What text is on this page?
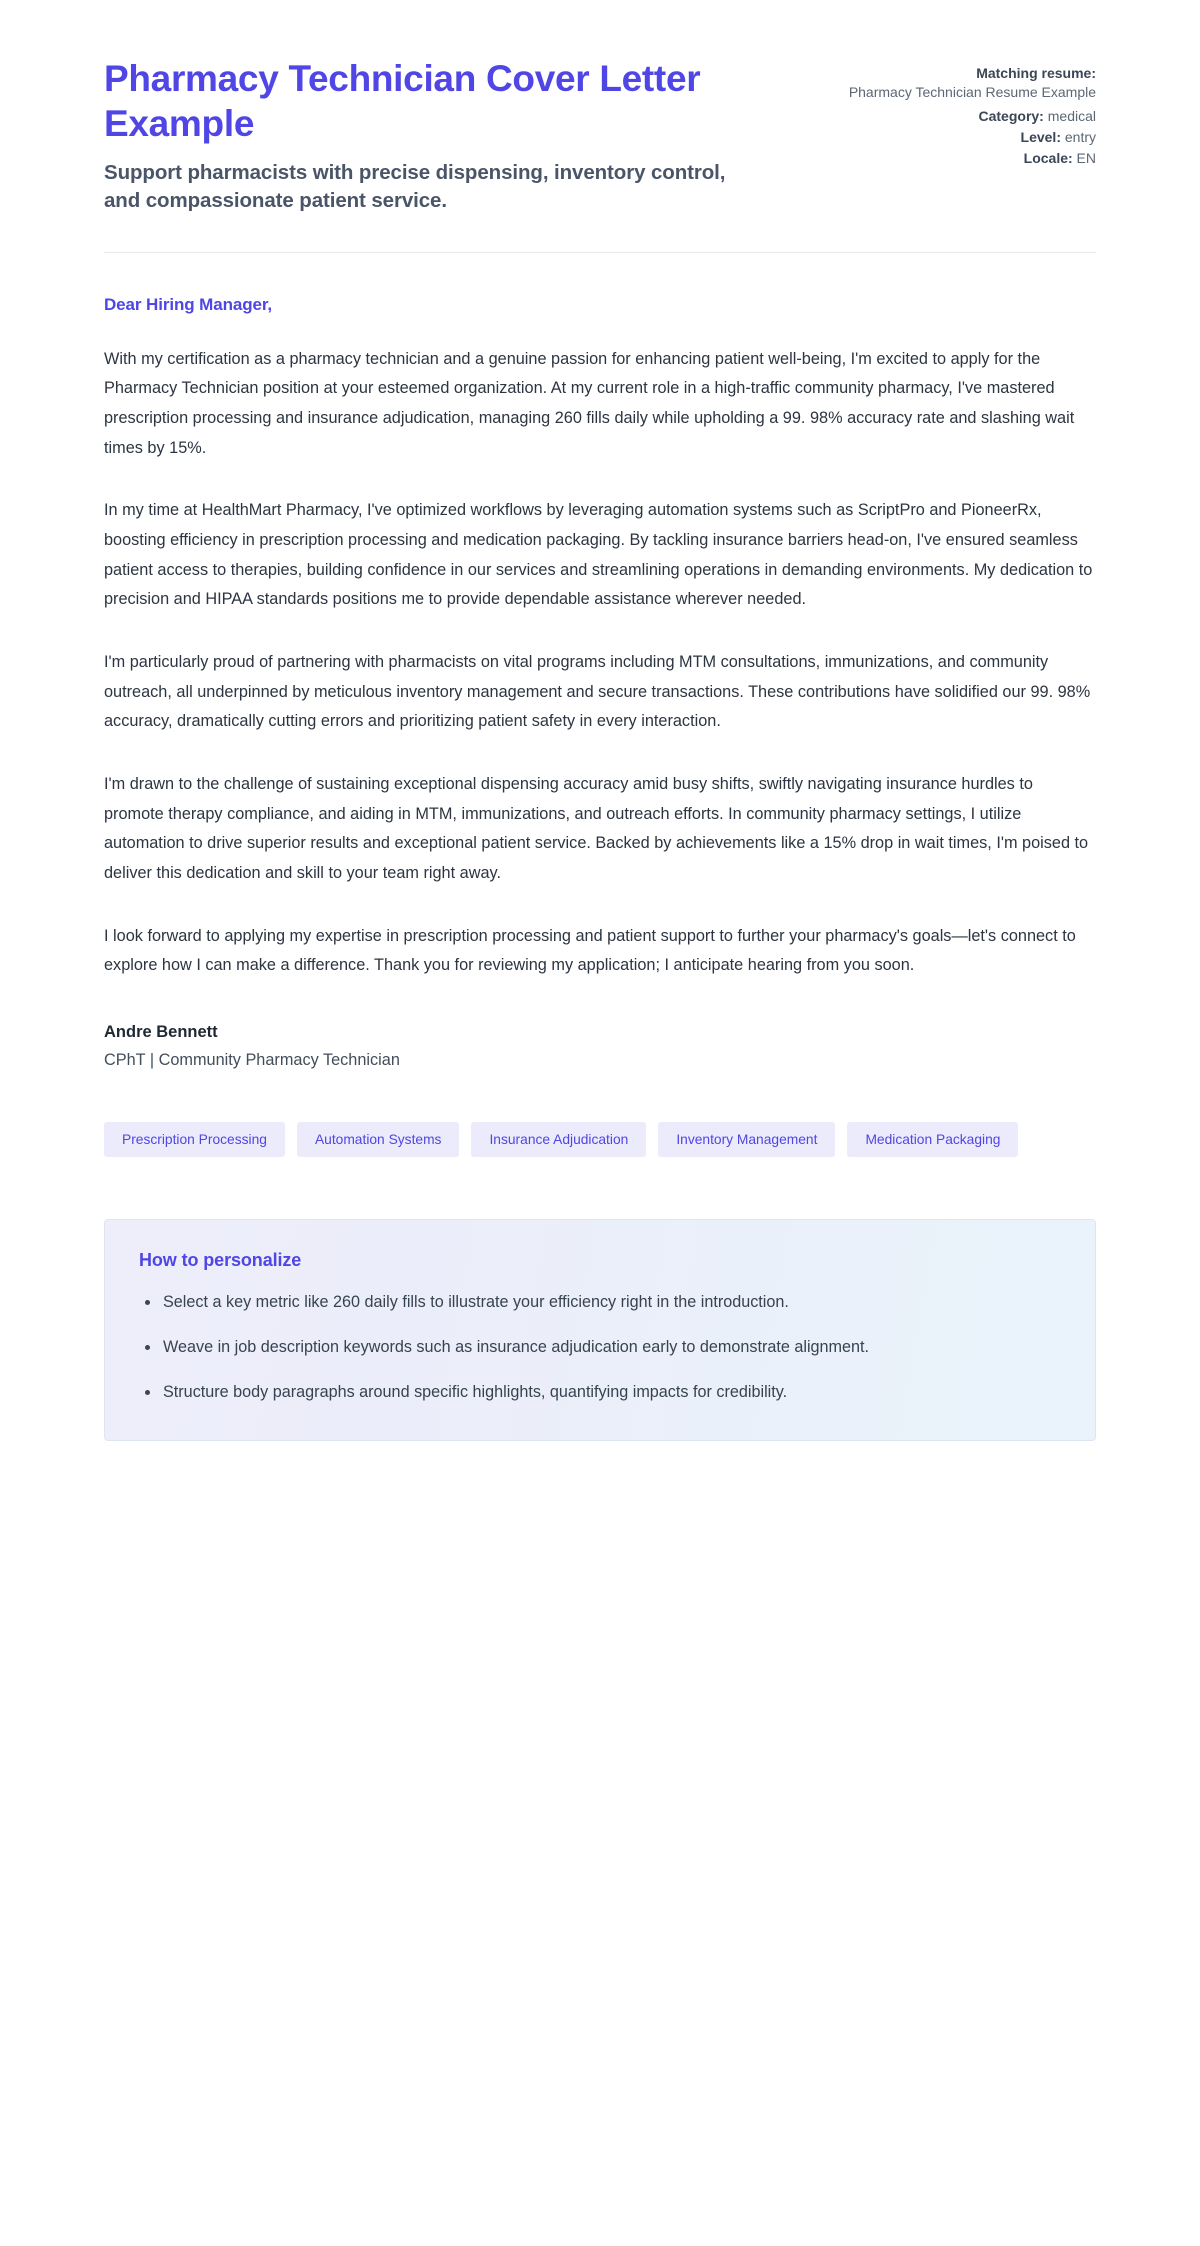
Pharmacy Technician Cover Letter Example

Support pharmacists with precise dispensing, inventory control, and compassionate patient service.

Matching resume:
Pharmacy Technician Resume Example
Category: medical
Level: entry
Locale: EN

Dear Hiring Manager,

With my certification as a pharmacy technician and a genuine passion for enhancing patient well-being, I'm excited to apply for the Pharmacy Technician position at your esteemed organization. At my current role in a high-traffic community pharmacy, I've mastered prescription processing and insurance adjudication, managing 260 fills daily while upholding a 99. 98% accuracy rate and slashing wait times by 15%.

In my time at HealthMart Pharmacy, I've optimized workflows by leveraging automation systems such as ScriptPro and PioneerRx, boosting efficiency in prescription processing and medication packaging. By tackling insurance barriers head-on, I've ensured seamless patient access to therapies, building confidence in our services and streamlining operations in demanding environments. My dedication to precision and HIPAA standards positions me to provide dependable assistance wherever needed.

I'm particularly proud of partnering with pharmacists on vital programs including MTM consultations, immunizations, and community outreach, all underpinned by meticulous inventory management and secure transactions. These contributions have solidified our 99. 98% accuracy, dramatically cutting errors and prioritizing patient safety in every interaction.

I'm drawn to the challenge of sustaining exceptional dispensing accuracy amid busy shifts, swiftly navigating insurance hurdles to promote therapy compliance, and aiding in MTM, immunizations, and outreach efforts. In community pharmacy settings, I utilize automation to drive superior results and exceptional patient service. Backed by achievements like a 15% drop in wait times, I'm poised to deliver this dedication and skill to your team right away.

I look forward to applying my expertise in prescription processing and patient support to further your pharmacy's goals—let's connect to explore how I can make a difference. Thank you for reviewing my application; I anticipate hearing from you soon.

Andre Bennett

CPhT | Community Pharmacy Technician

Prescription Processing	Automation Systems	Insurance Adjudication	Inventory Management	Medication Packaging
How to personalize
Select a key metric like 260 daily fills to illustrate your efficiency right in the introduction.
Weave in job description keywords such as insurance adjudication early to demonstrate alignment.
Structure body paragraphs around specific highlights, quantifying impacts for credibility.
